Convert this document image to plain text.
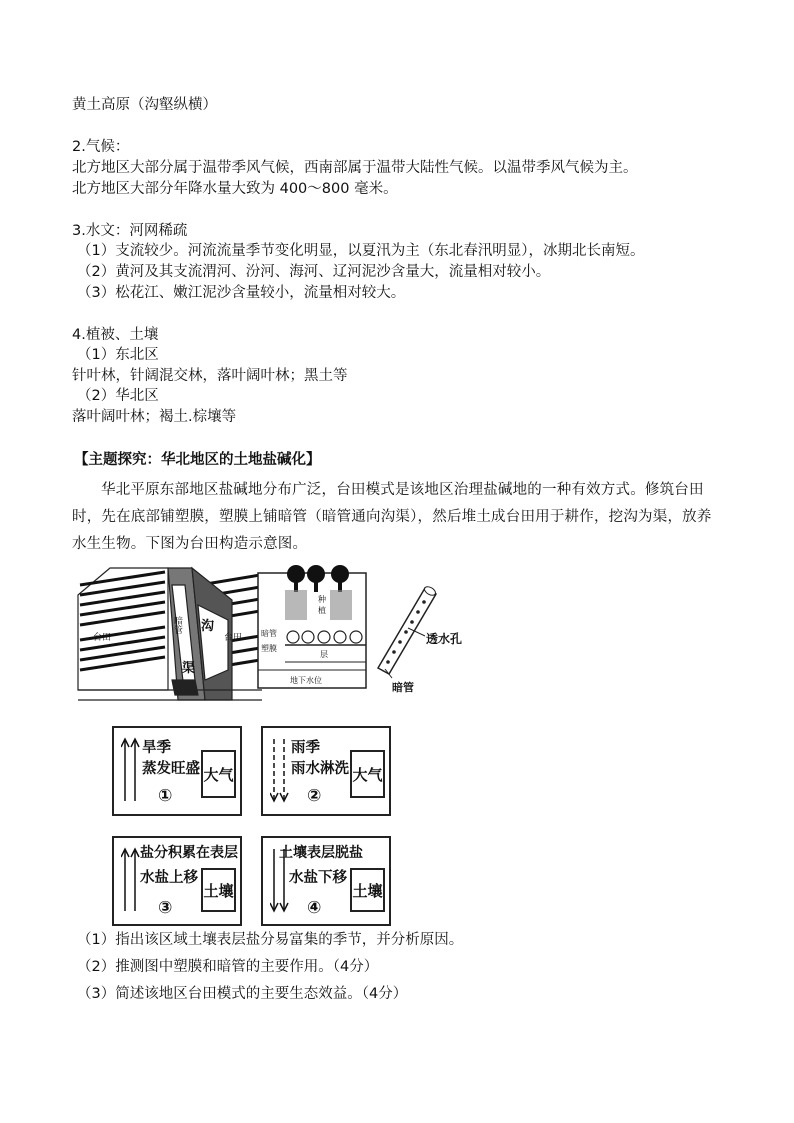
黄土高原（沟壑纵横）
2.气候：
北方地区大部分属于温带季风气候，西南部属于温带大陆性气候。以温带季风气候为主。
北方地区大部分年降水量大致为 400～800 毫米。
3.水文：河网稀疏
（1）支流较少。河流流量季节变化明显，以夏汛为主（东北春汛明显），冰期北长南短。
（2）黄河及其支流渭河、汾河、海河、辽河泥沙含量大，流量相对较小。
（3）松花江、嫩江泥沙含量较小，流量相对较大。
4.植被、土壤
（1）东北区
针叶林，针阔混交林，落叶阔叶林；黑土等
（2）华北区
落叶阔叶林；褐土.棕壤等
【主题探究：华北地区的土地盐碱化】
华北平原东部地区盐碱地分布广泛，台田模式是该地区治理盐碱地的一种有效方式。修筑台田时，先在底部铺塑膜，塑膜上铺暗管（暗管通向沟渠），然后堆土成台田用于耕作，挖沟为渠，放养水生生物。下图为台田构造示意图。
台田
暗管 沟
渠
台田
种
植
暗管
塑膜
层
地下水位
透水孔
暗管
旱季
蒸发旺盛 大气
①
雨季
雨水淋洗 大气
②
盐分积累在表层
水盐上移
土壤
③
土壤表层脱盐
水盐下移
土壤
④
（1）指出该区域土壤表层盐分易富集的季节，并分析原因。
（2）推测图中塑膜和暗管的主要作用。（4分）
（3）简述该地区台田模式的主要生态效益。（4分）
